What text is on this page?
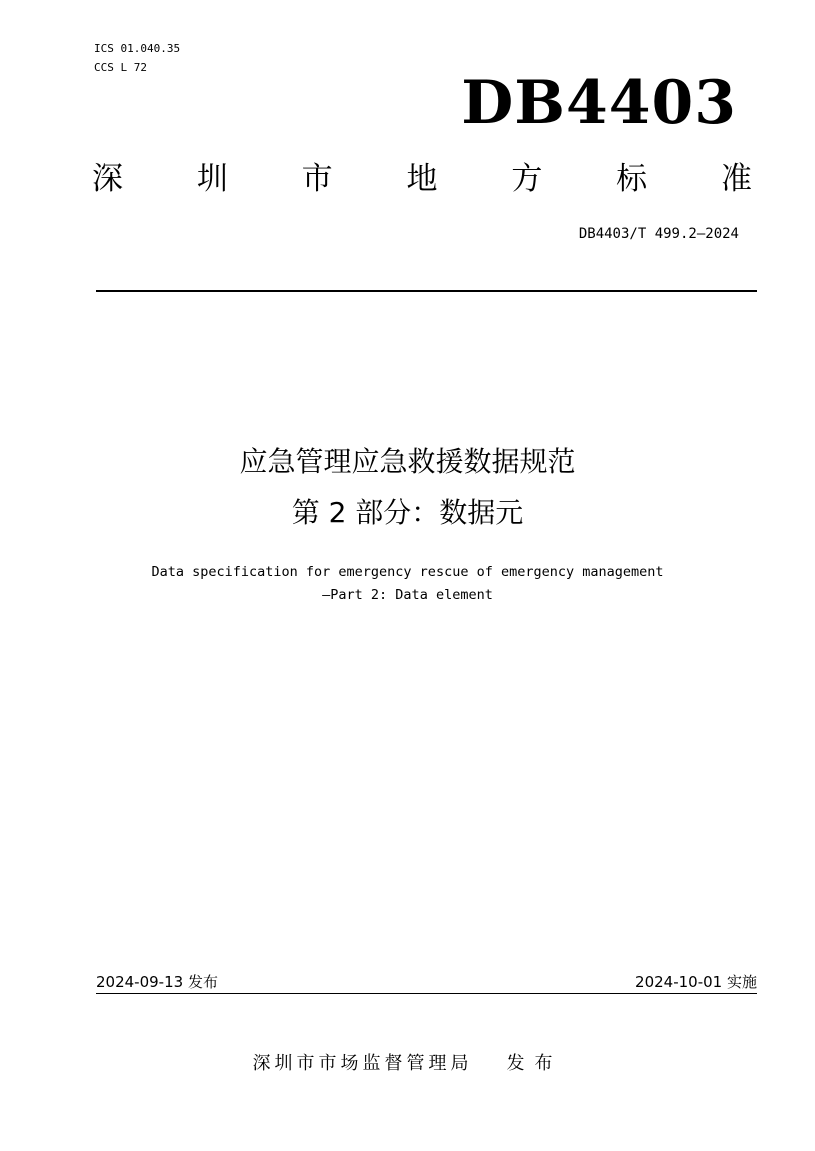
ICS 01.040.35
CCS L 72
DB4403
深 圳 市 地 方 标 准
DB4403/T 499.2—2024
应急管理应急救援数据规范
第 2 部分：数据元
Data specification for emergency rescue of emergency management
—Part 2: Data element
2024-09-13 发布	2024-10-01 实施
深圳市市场监督管理局 发布
